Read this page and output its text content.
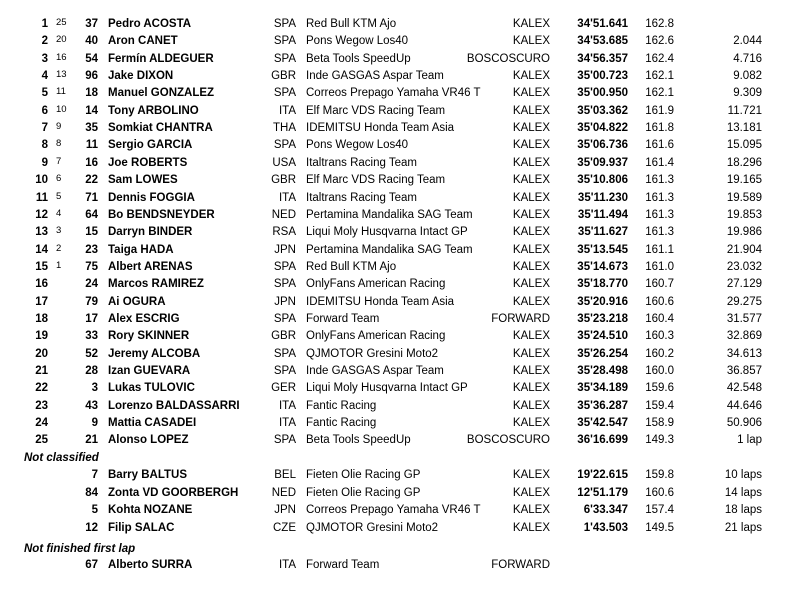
1 25	37 Pedro ACOSTA	SPA Red Bull KTM Ajo	KALEX	34'51.641	162.8
2 20	40 Aron CANET	SPA Pons Wegow Los40	KALEX	34'53.685	162.6	2.044
3 16	54 Fermín ALDEGUER	SPA Beta Tools SpeedUp	BOSCOSCURO	34'56.357	162.4	4.716
4 13	96 Jake DIXON	GBR Inde GASGAS Aspar Team	KALEX	35'00.723	162.1	9.082
5 11	18 Manuel GONZALEZ	SPA Correos Prepago Yamaha VR46 T	KALEX	35'00.950	162.1	9.309
6 10	14 Tony ARBOLINO	ITA Elf Marc VDS Racing Team	KALEX	35'03.362	161.9	11.721
7 9	35 Somkiat CHANTRA	THA IDEMITSU Honda Team Asia	KALEX	35'04.822	161.8	13.181
8 8	11 Sergio GARCIA	SPA Pons Wegow Los40	KALEX	35'06.736	161.6	15.095
9 7	16 Joe ROBERTS	USA Italtrans Racing Team	KALEX	35'09.937	161.4	18.296
10 6	22 Sam LOWES	GBR Elf Marc VDS Racing Team	KALEX	35'10.806	161.3	19.165
11 5	71 Dennis FOGGIA	ITA Italtrans Racing Team	KALEX	35'11.230	161.3	19.589
12 4	64 Bo BENDSNEYDER	NED Pertamina Mandalika SAG Team	KALEX	35'11.494	161.3	19.853
13 3	15 Darryn BINDER	RSA Liqui Moly Husqvarna Intact GP	KALEX	35'11.627	161.3	19.986
14 2	23 Taiga HADA	JPN Pertamina Mandalika SAG Team	KALEX	35'13.545	161.1	21.904
15 1	75 Albert ARENAS	SPA Red Bull KTM Ajo	KALEX	35'14.673	161.0	23.032
16	24 Marcos RAMIREZ	SPA OnlyFans American Racing	KALEX	35'18.770	160.7	27.129
17	79 Ai OGURA	JPN IDEMITSU Honda Team Asia	KALEX	35'20.916	160.6	29.275
18	17 Alex ESCRIG	SPA Forward Team	FORWARD	35'23.218	160.4	31.577
19	33 Rory SKINNER	GBR OnlyFans American Racing	KALEX	35'24.510	160.3	32.869
20	52 Jeremy ALCOBA	SPA QJMOTOR Gresini Moto2	KALEX	35'26.254	160.2	34.613
21	28 Izan GUEVARA	SPA Inde GASGAS Aspar Team	KALEX	35'28.498	160.0	36.857
22	3 Lukas TULOVIC	GER Liqui Moly Husqvarna Intact GP	KALEX	35'34.189	159.6	42.548
23	43 Lorenzo BALDASSARRI	ITA Fantic Racing	KALEX	35'36.287	159.4	44.646
24	9 Mattia CASADEI	ITA Fantic Racing	KALEX	35'42.547	158.9	50.906
25	21 Alonso LOPEZ	SPA Beta Tools SpeedUp	BOSCOSCURO	36'16.699	149.3	1 lap
Not classified
7 Barry BALTUS	BEL Fieten Olie Racing GP	KALEX	19'22.615	159.8	10 laps
84 Zonta VD GOORBERGH	NED Fieten Olie Racing GP	KALEX	12'51.179	160.6	14 laps
5 Kohta NOZANE	JPN Correos Prepago Yamaha VR46 T	KALEX	6'33.347	157.4	18 laps
12 Filip SALAC	CZE QJMOTOR Gresini Moto2	KALEX	1'43.503	149.5	21 laps
Not finished first lap
67 Alberto SURRA	ITA Forward Team	FORWARD
